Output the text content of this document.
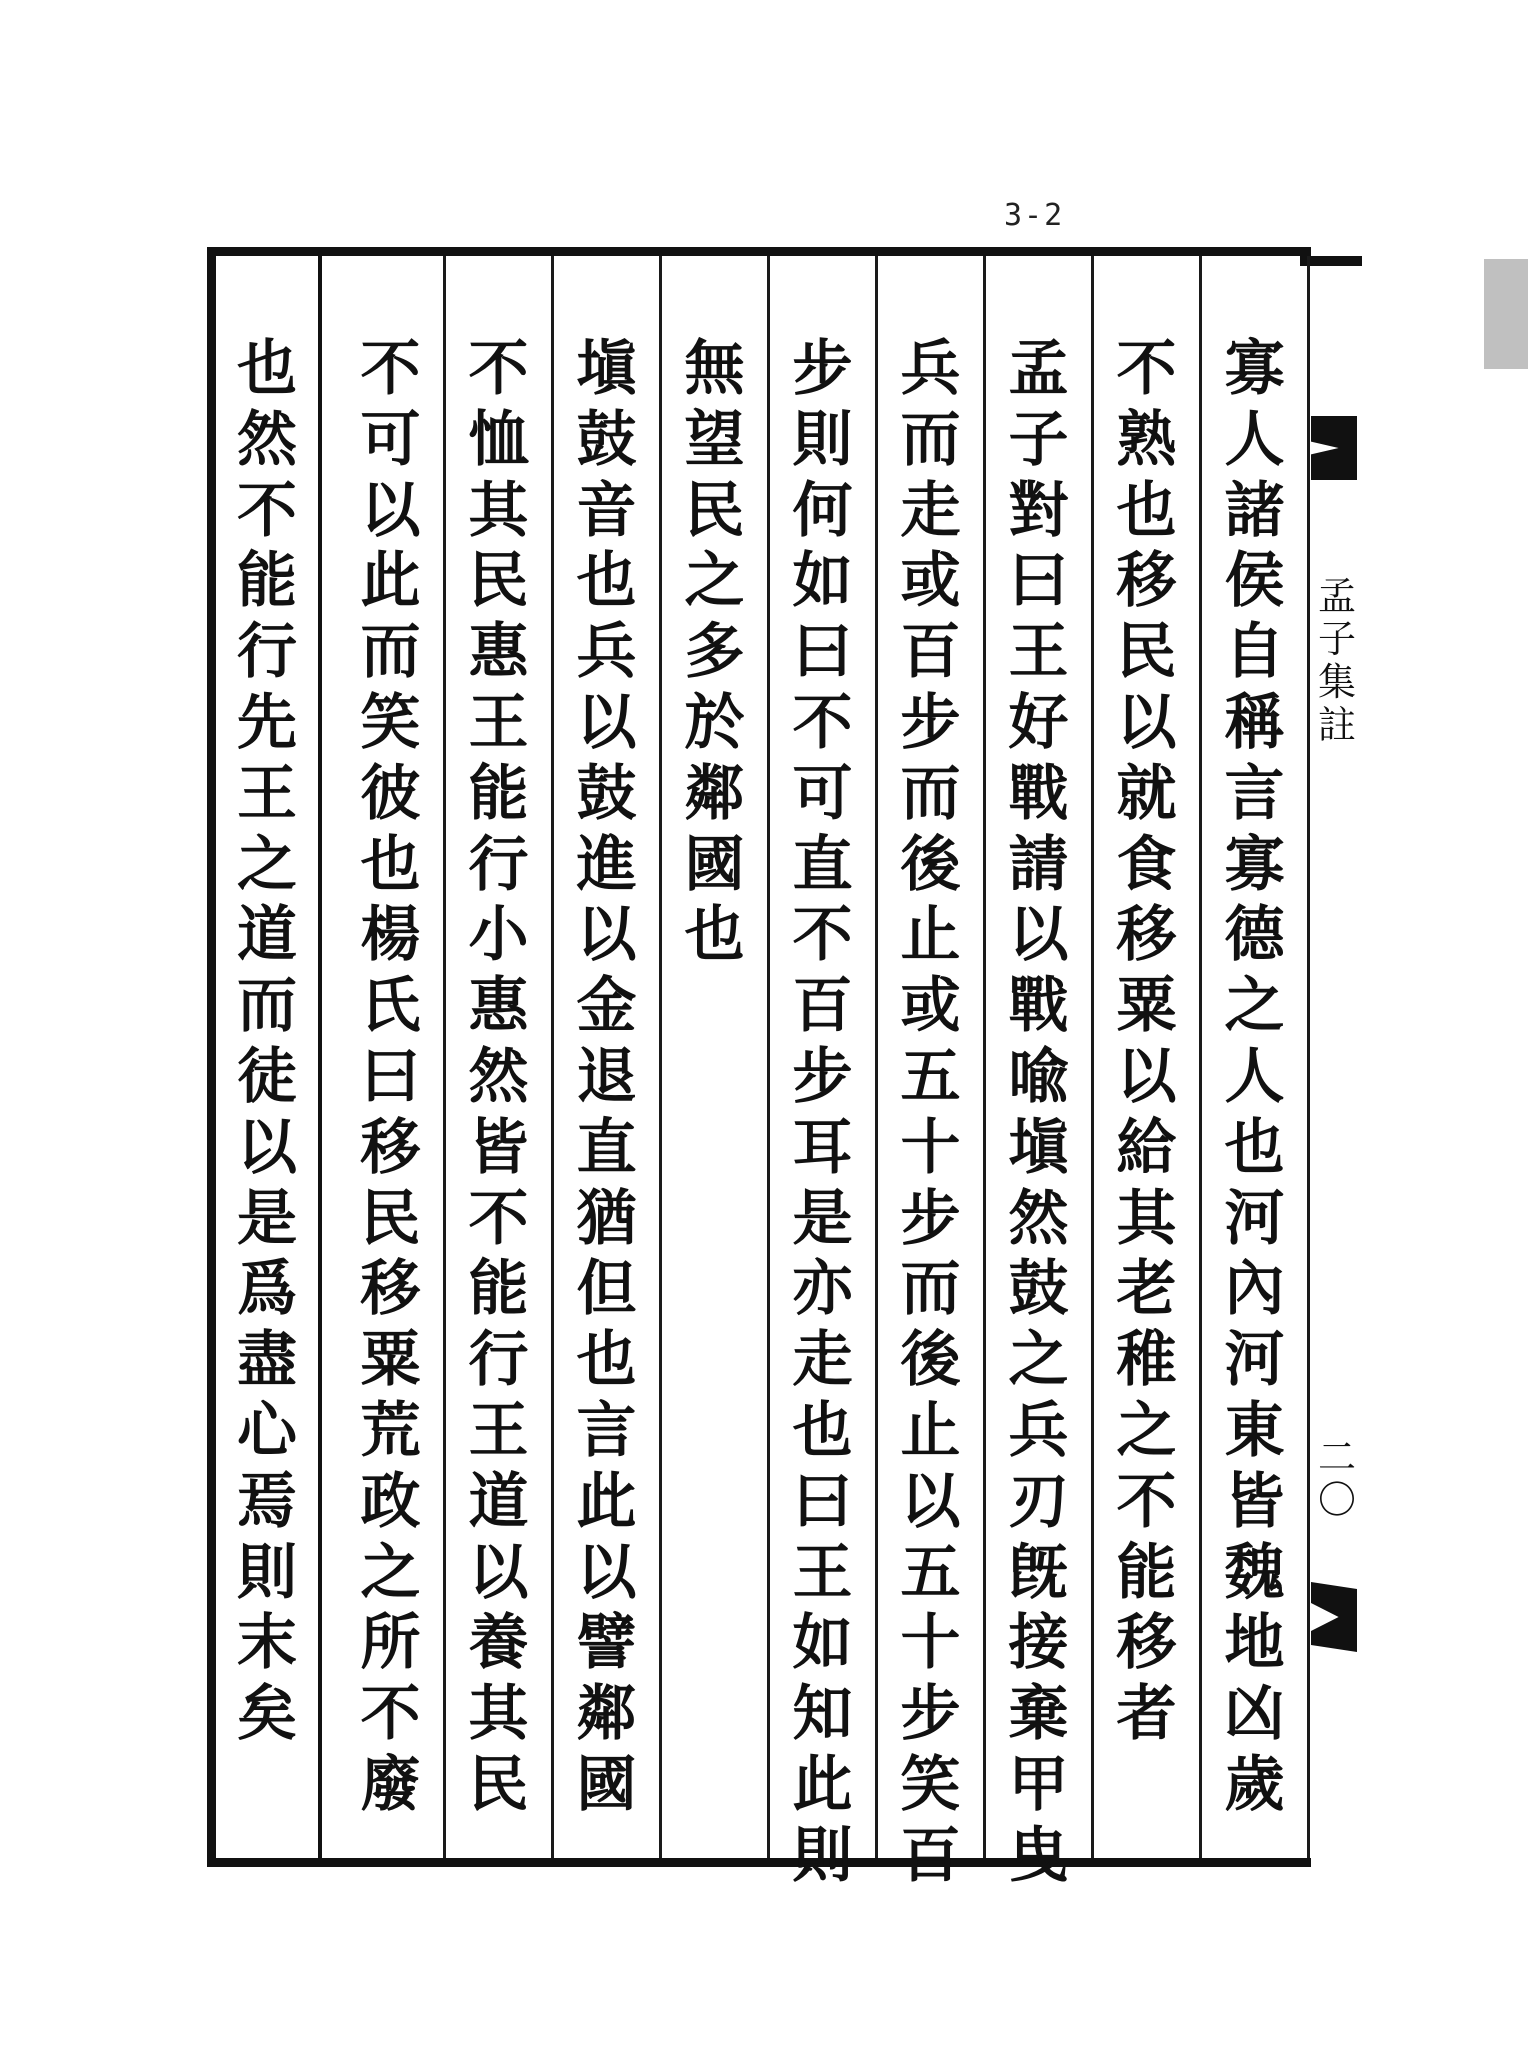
3-2
寡
人
諸
侯
自
稱
言
寡
德
之
人
也
河
內
河
東
皆
魏
地
凶
歲
不
熟
也
移
民
以
就
食
移
粟
以
給
其
老
稚
之
不
能
移
者
孟
子
對
曰
王
好
戰
請
以
戰
喩
塡
然
鼓
之
兵
刃
旣
接
棄
甲
曳
兵
而
走
或
百
步
而
後
止
或
五
十
步
而
後
止
以
五
十
步
笑
百
步
則
何
如
曰
不
可
直
不
百
步
耳
是
亦
走
也
曰
王
如
知
此
則
無
望
民
之
多
於
鄰
國
也
塡
鼓
音
也
兵
以
鼓
進
以
金
退
直
猶
但
也
言
此
以
譬
鄰
國
不
恤
其
民
惠
王
能
行
小
惠
然
皆
不
能
行
王
道
以
養
其
民
不
可
以
此
而
笑
彼
也
楊
氏
曰
移
民
移
粟
荒
政
之
所
不
廢
也
然
不
能
行
先
王
之
道
而
徒
以
是
爲
盡
心
焉
則
末
矣
孟
子
集
註
二
〇
